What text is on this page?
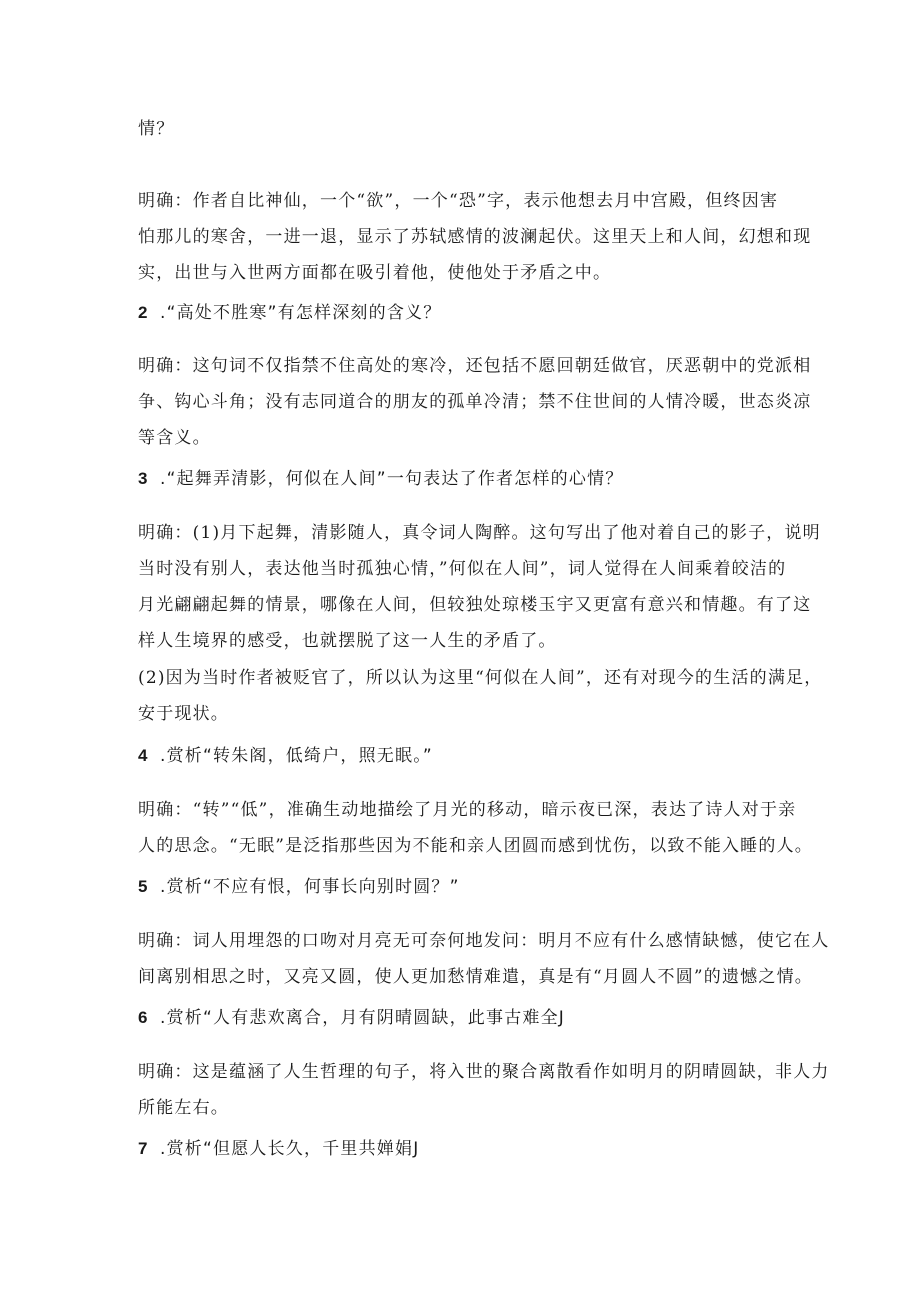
情？
明确：作者自比神仙，一个“欲”，一个“恐”字，表示他想去月中宫殿，但终因害
怕那儿的寒舍，一进一退，显示了苏轼感情的波澜起伏。这里天上和人间，幻想和现
实，出世与入世两方面都在吸引着他，使他处于矛盾之中。
2 .“高处不胜寒”有怎样深刻的含义？
明确：这句词不仅指禁不住高处的寒冷，还包括不愿回朝廷做官，厌恶朝中的党派相
争、钩心斗角；没有志同道合的朋友的孤单冷清；禁不住世间的人情冷暖，世态炎凉
等含义。
3 .“起舞弄清影，何似在人间”一句表达了作者怎样的心情？
明确：(1)月下起舞，清影随人，真令词人陶醉。这句写出了他对着自己的影子，说明
当时没有别人，表达他当时孤独心情，”何似在人间”，词人觉得在人间乘着皎洁的
月光翩翩起舞的情景，哪像在人间，但较独处琼楼玉宇又更富有意兴和情趣。有了这
样人生境界的感受，也就摆脱了这一人生的矛盾了。
(2)因为当时作者被贬官了，所以认为这里“何似在人间”，还有对现今的生活的满足，
安于现状。
4 .赏析“转朱阁，低绮户，照无眠。”
明确：“转”“低”，准确生动地描绘了月光的移动，暗示夜已深，表达了诗人对于亲
人的思念。“无眠”是泛指那些因为不能和亲人团圆而感到忧伤，以致不能入睡的人。
5 .赏析“不应有恨，何事长向别时圆？”
明确：词人用埋怨的口吻对月亮无可奈何地发问：明月不应有什么感情缺憾，使它在人
间离别相思之时，又亮又圆，使人更加愁情难遣，真是有“月圆人不圆”的遗憾之情。
6 .赏析“人有悲欢离合，月有阴晴圆缺，此事古难全J
明确：这是蕴涵了人生哲理的句子，将入世的聚合离散看作如明月的阴晴圆缺，非人力
所能左右。
7 .赏析“但愿人长久，千里共婵娟J
